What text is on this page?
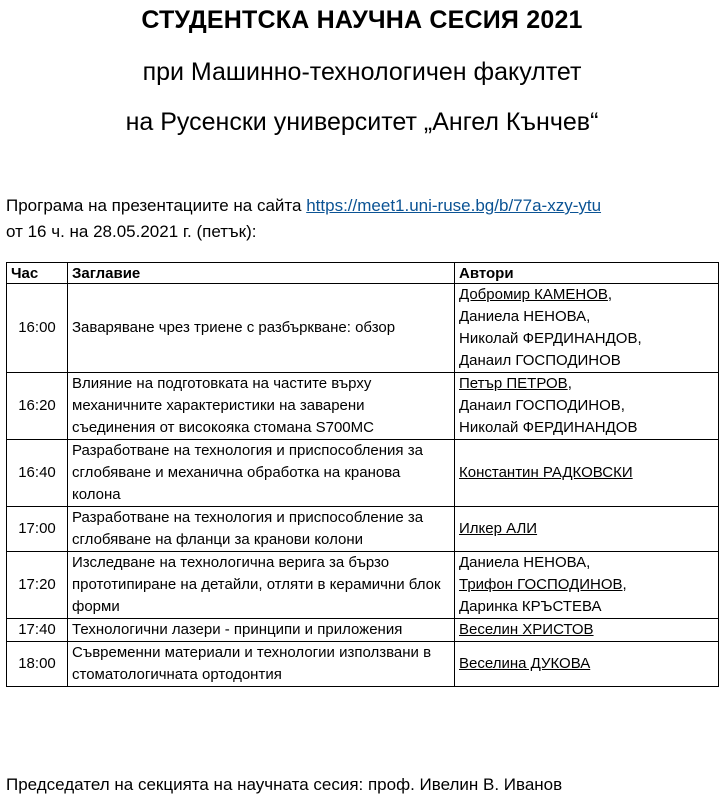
СТУДЕНТСКА НАУЧНА СЕСИЯ 2021
при Машинно-технологичен факултет
на Русенски университет „Ангел Кънчев“
Програма на презентациите на сайта https://meet1.uni-ruse.bg/b/77a-xzy-ytu
от 16 ч. на 28.05.2021 г. (петък):
Час	Заглавие	Автори
16:00	Заваряване чрез триене с разбъркване: обзор	Добромир КАМЕНОВ,
Даниела НЕНОВА,
Николай ФЕРДИНАНДОВ,
Данаил ГОСПОДИНОВ

16:20	Влияние на подготовката на частите върху механичните характеристики на заварени съединения от високояка стомана S700MC	Петър ПЕТРОВ,
Данаил ГОСПОДИНОВ,
Николай ФЕРДИНАНДОВ

16:40	Разработване на технология и приспособления за сглобяване и механична обработка на кранова колона	Константин РАДКОВСКИ

17:00	Разработване на технология и приспособление за сглобяване на фланци за кранови колони	Илкер АЛИ

17:20	Изследване на технологична верига за бързо прототипиране на детайли, отляти в керамични блок форми	Даниела НЕНОВА,
Трифон ГОСПОДИНОВ,
Даринка КРЪСТЕВА

17:40	Технологични лазери - принципи и приложения	Веселин ХРИСТОВ

18:00	Съвременни материали и технологии използвани в стоматологичната ортодонтия	Веселина ДУКОВА
Председател на секцията на научната сесия: проф. Ивелин В. Иванов
